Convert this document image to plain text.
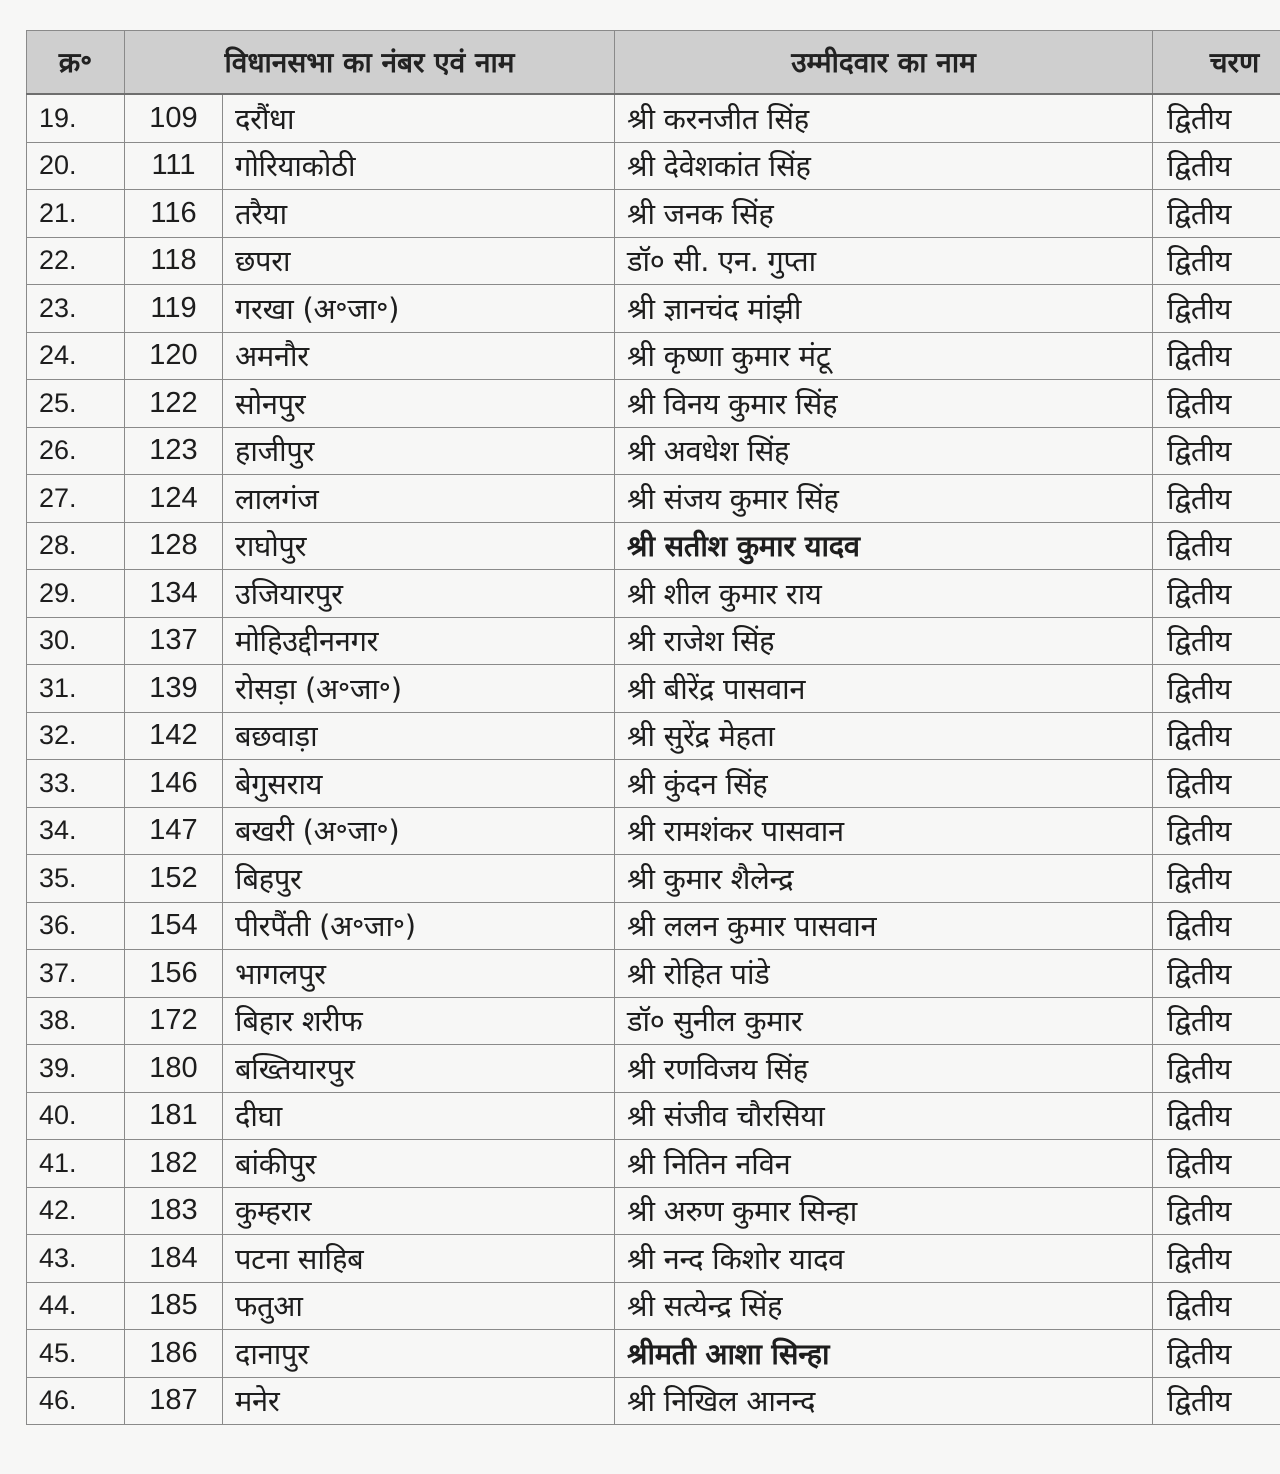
क्र॰	विधानसभा का नंबर एवं नाम		उम्मीदवार का नाम	चरण
19.	109	दरौंधा	श्री करनजीत सिंह	द्वितीय
20.	111	गोरियाकोठी	श्री देवेशकांत सिंह	द्वितीय
21.	116	तरैया	श्री जनक सिंह	द्वितीय
22.	118	छपरा	डॉ० सी. एन. गुप्ता	द्वितीय
23.	119	गरखा (अ॰जा॰)	श्री ज्ञानचंद मांझी	द्वितीय
24.	120	अमनौर	श्री कृष्णा कुमार मंटू	द्वितीय
25.	122	सोनपुर	श्री विनय कुमार सिंह	द्वितीय
26.	123	हाजीपुर	श्री अवधेश सिंह	द्वितीय
27.	124	लालगंज	श्री संजय कुमार सिंह	द्वितीय
28.	128	राघोपुर	श्री सतीश कुमार यादव	द्वितीय
29.	134	उजियारपुर	श्री शील कुमार राय	द्वितीय
30.	137	मोहिउद्दीननगर	श्री राजेश सिंह	द्वितीय
31.	139	रोसड़ा (अ॰जा॰)	श्री बीरेंद्र पासवान	द्वितीय
32.	142	बछवाड़ा	श्री सुरेंद्र मेहता	द्वितीय
33.	146	बेगुसराय	श्री कुंदन सिंह	द्वितीय
34.	147	बखरी (अ॰जा॰)	श्री रामशंकर पासवान	द्वितीय
35.	152	बिहपुर	श्री कुमार शैलेन्द्र	द्वितीय
36.	154	पीरपैंती (अ॰जा॰)	श्री ललन कुमार पासवान	द्वितीय
37.	156	भागलपुर	श्री रोहित पांडे	द्वितीय
38.	172	बिहार शरीफ	डॉ० सुनील कुमार	द्वितीय
39.	180	बख्तियारपुर	श्री रणविजय सिंह	द्वितीय
40.	181	दीघा	श्री संजीव चौरसिया	द्वितीय
41.	182	बांकीपुर	श्री नितिन नविन	द्वितीय
42.	183	कुम्हरार	श्री अरुण कुमार सिन्हा	द्वितीय
43.	184	पटना साहिब	श्री नन्द किशोर यादव	द्वितीय
44.	185	फतुआ	श्री सत्येन्द्र सिंह	द्वितीय
45.	186	दानापुर	श्रीमती आशा सिन्हा	द्वितीय
46.	187	मनेर	श्री निखिल आनन्द	द्वितीय
